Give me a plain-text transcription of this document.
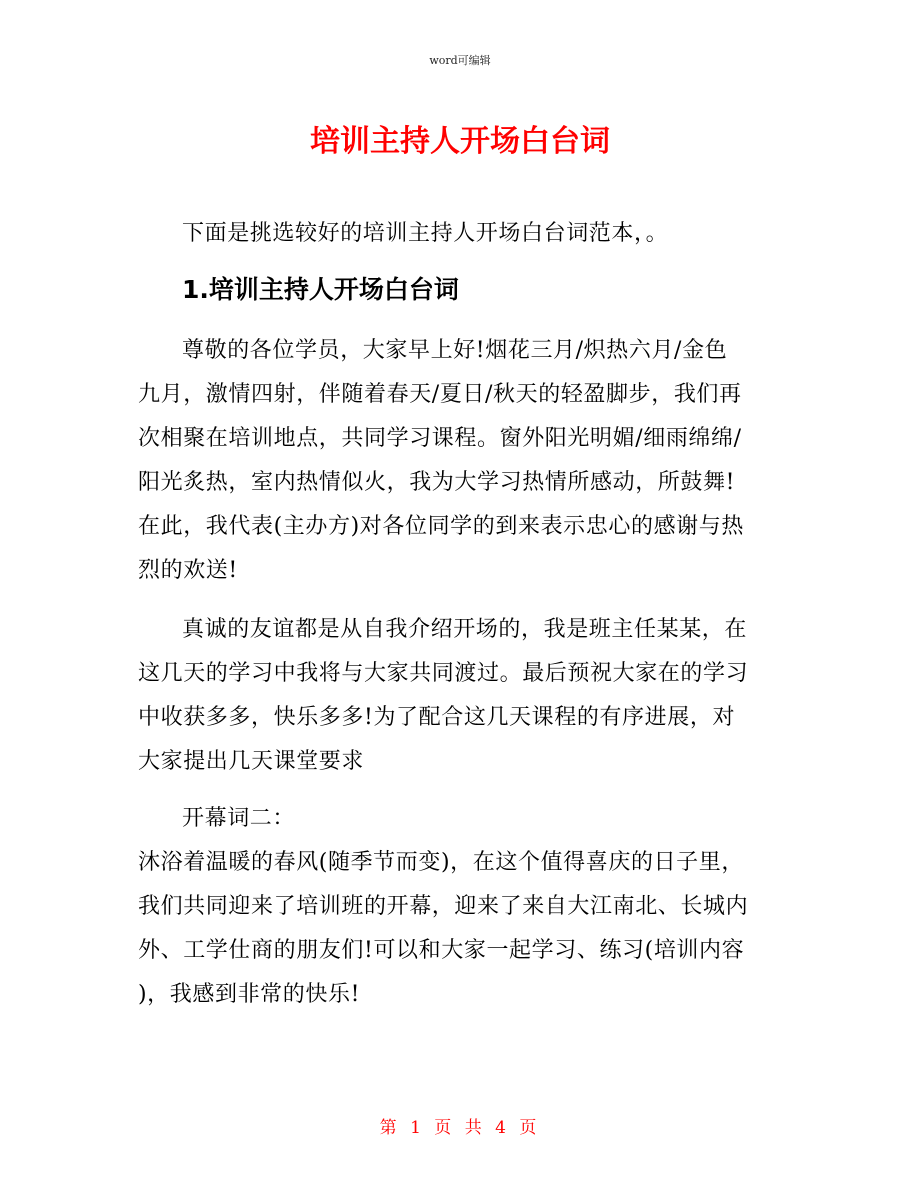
word可编辑
培训主持人开场白台词
下面是挑选较好的培训主持人开场白台词范本，。
1.培训主持人开场白台词
尊敬的各位学员，大家早上好!烟花三月/炽热六月/金色
九月，激情四射，伴随着春天/夏日/秋天的轻盈脚步，我们再
次相聚在培训地点，共同学习课程。窗外阳光明媚/细雨绵绵/
阳光炙热，室内热情似火，我为大学习热情所感动，所鼓舞!
在此，我代表(主办方)对各位同学的到来表示忠心的感谢与热
烈的欢送!
真诚的友谊都是从自我介绍开场的，我是班主任某某，在
这几天的学习中我将与大家共同渡过。最后预祝大家在的学习
中收获多多，快乐多多!为了配合这几天课程的有序进展，对
大家提出几天课堂要求
开幕词二：
沐浴着温暖的春风(随季节而变)，在这个值得喜庆的日子里，
我们共同迎来了培训班的开幕，迎来了来自大江南北、长城内
外、工学仕商的朋友们!可以和大家一起学习、练习(培训内容
)，我感到非常的快乐!
第 1 页 共 4 页
